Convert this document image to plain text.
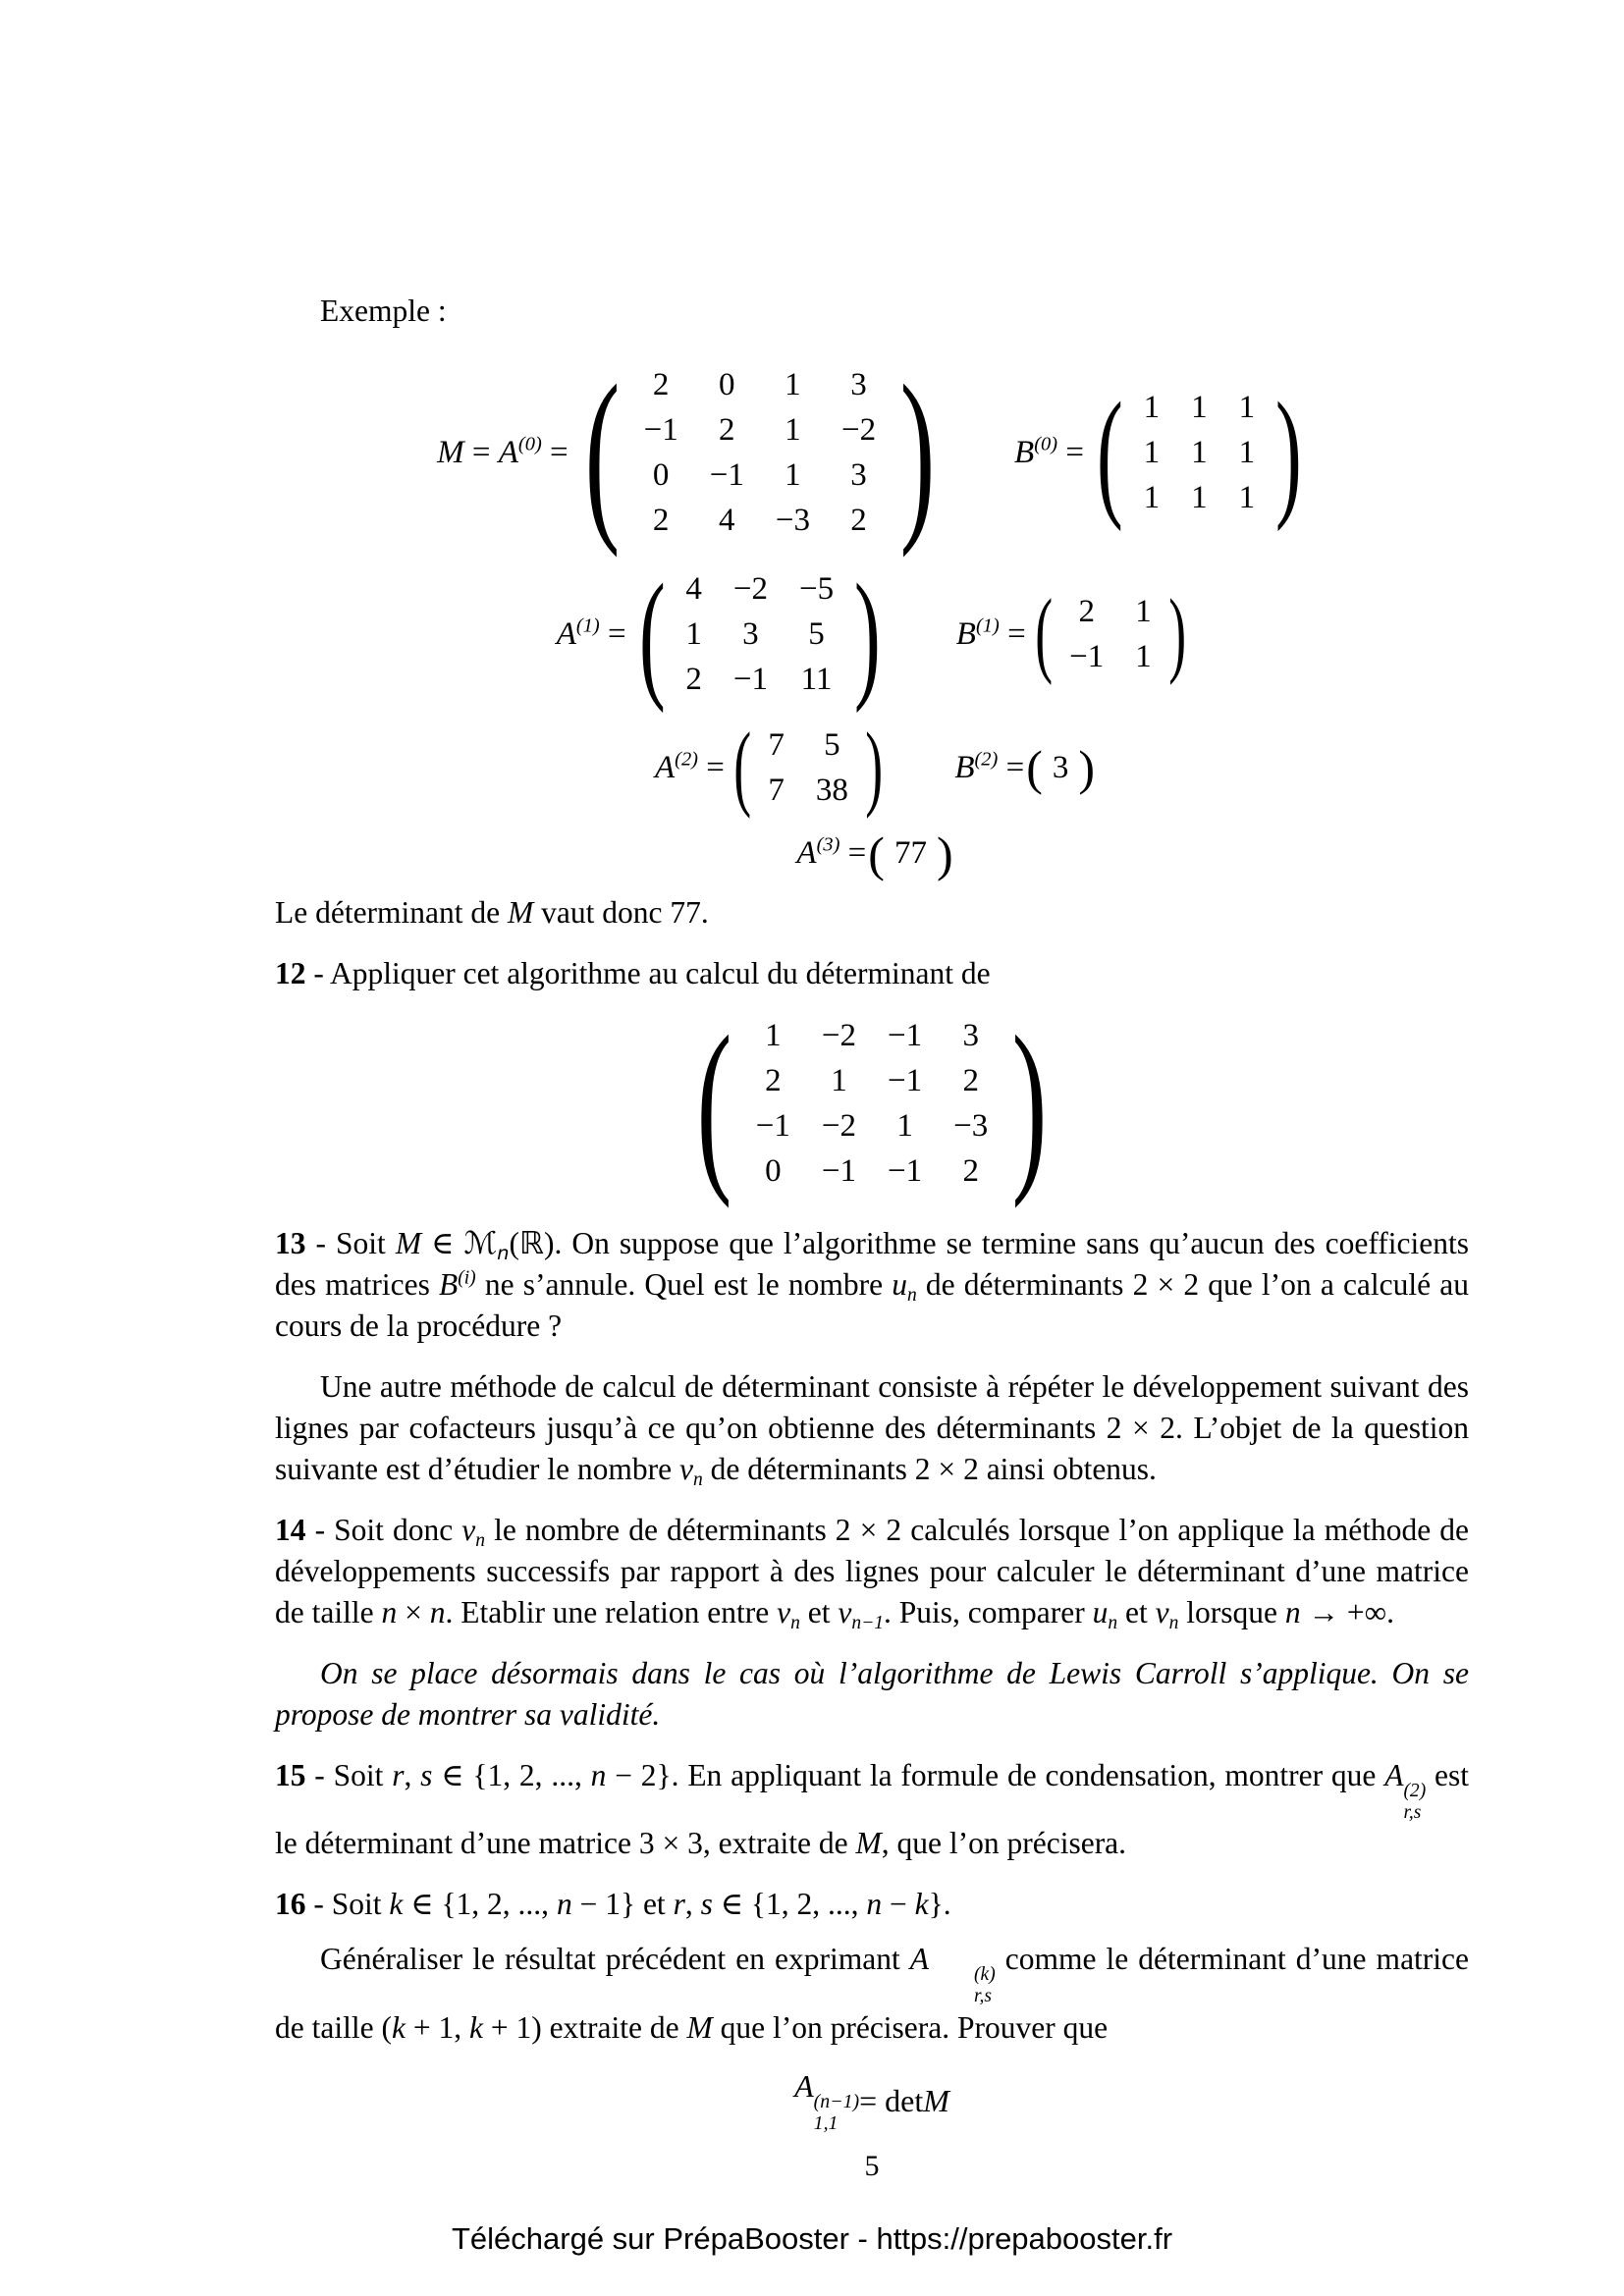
Exemple :

$M = A^{(0)}$ = ( 2	0	1	3
−1	2	1	−2
0	−1	1	3
2	4	−3	2 ) $B^{(0)}$ = ( 1	1	1
1	1	1
1	1	1 )
$A^{(1)}$ = ( 4	−2	−5
1	3	5
2	−1	11 ) $B^{(1)}$ = ( 2	1
−1	1 )
$A^{(2)}$ = ( 7	5
7	38 ) $B^{(2)}$ = ( 3 )
$A^{(3)}$ = ( 77 )

Le déterminant de M vaut donc 77.

12 - Appliquer cet algorithme au calcul du déterminant de

( 1	−2	−1	3
2	1	−1	2
−1	−2	1	−3
0	−1	−1	2 )

13 - Soit M ∈ ℳ$_n$(ℝ). On suppose que l’algorithme se termine sans qu’aucun des coefficients des matrices $B^{(i)}$ ne s’annule. Quel est le nombre $u_n$ de déterminants 2 × 2 que l’on a calculé au cours de la procédure ?

Une autre méthode de calcul de déterminant consiste à répéter le développement suivant des lignes par cofacteurs jusqu’à ce qu’on obtienne des déterminants 2 × 2. L’objet de la question suivante est d’étudier le nombre $v_n$ de déterminants 2 × 2 ainsi obtenus.

14 - Soit donc $v_n$ le nombre de déterminants 2 × 2 calculés lorsque l’on applique la méthode de développements successifs par rapport à des lignes pour calculer le déterminant d’une matrice de taille n × n. Etablir une relation entre $v_n$ et $v_{n-1}$. Puis, comparer $u_n$ et $v_n$ lorsque n → +∞.

On se place désormais dans le cas où l’algorithme de Lewis Carroll s’applique. On se propose de montrer sa validité.

15 - Soit r, s ∈ {1, 2, ..., n − 2}. En appliquant la formule de condensation, montrer que A (2)
r,s
est le déterminant d’une matrice 3 × 3, extraite de M, que l’on précisera.

16 - Soit k ∈ {1, 2, ..., n − 1} et r, s ∈ {1, 2, ..., n − k}.

Généraliser le résultat précédent en exprimant A	(k)
r,s
comme le déterminant d’une matrice de taille (k + 1, k + 1) extraite de M que l’on précisera. Prouver que

A (n−1)
1,1
= det M
5
Téléchargé sur PrépaBooster - https://prepabooster.fr
